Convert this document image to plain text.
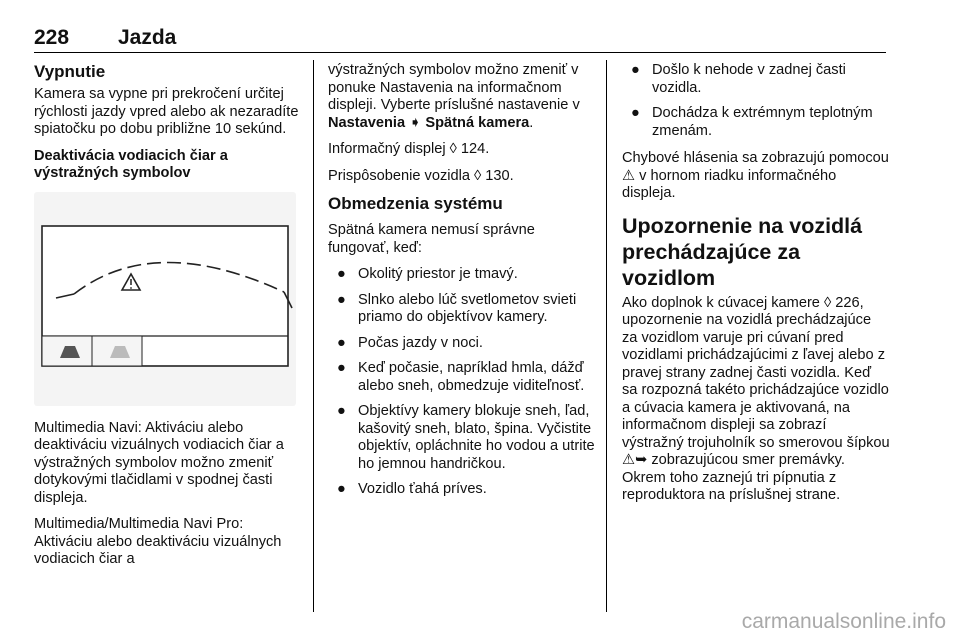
228 Jazda
Vypnutie

Kamera sa vypne pri prekročení určitej rýchlosti jazdy vpred alebo ak nezaradíte spiatočku po dobu približne 10 sekúnd.

Deaktivácia vodiacich čiar a výstražných symbolov

Multimedia Navi: Aktiváciu alebo deaktiváciu vizuálnych vodiacich čiar a výstražných symbolov možno zmeniť dotykovými tlačidlami v spodnej časti displeja.

Multimedia/Multimedia Navi Pro: Aktiváciu alebo deaktiváciu vizuálnych vodiacich čiar a

výstražných symbolov možno zmeniť v ponuke Nastavenia na informačnom displeji. Vyberte príslušné nastavenie v Nastavenia ➧ Spätná kamera.

Informačný displej ◊ 124.

Prispôsobenie vozidla ◊ 130.

Obmedzenia systému

Spätná kamera nemusí správne fungovať, keď:

● Okolitý priestor je tmavý.
● Slnko alebo lúč svetlometov svieti priamo do objektívov kamery.
● Počas jazdy v noci.
● Keď počasie, napríklad hmla, dážď alebo sneh, obmedzuje viditeľnosť.
● Objektívy kamery blokuje sneh, ľad, kašovitý sneh, blato, špina. Vyčistite objektív, opláchnite ho vodou a utrite ho jemnou handričkou.
● Vozidlo ťahá príves.
● Došlo k nehode v zadnej časti vozidla.
● Dochádza k extrémnym teplotným zmenám.

Chybové hlásenia sa zobrazujú pomocou ⚠ v hornom riadku informačného displeja.

Upozornenie na vozidlá prechádzajúce za vozidlom

Ako doplnok k cúvacej kamere ◊ 226, upozornenie na vozidlá prechádzajúce za vozidlom varuje pri cúvaní pred vozidlami prichádzajúcimi z ľavej alebo z pravej strany zadnej časti vozidla. Keď sa rozpozná takéto prichádzajúce vozidlo a cúvacia kamera je aktivovaná, na informačnom displeji sa zobrazí výstražný trojuholník so smerovou šípkou ⚠➥ zobrazujúcou smer premávky. Okrem toho zaznejú tri pípnutia z reproduktora na príslušnej strane.

carmanualsonline.info
